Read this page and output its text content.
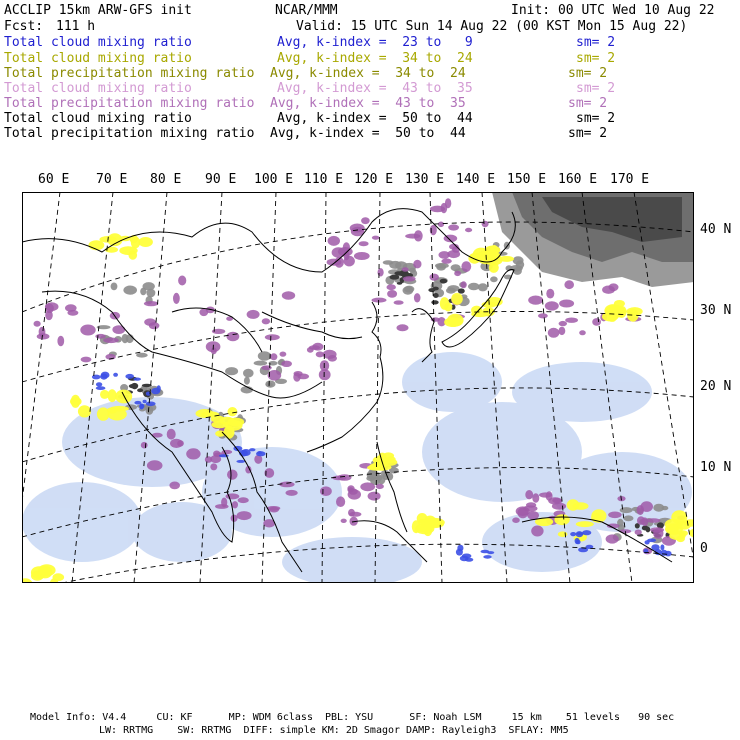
ACCLIP 15km ARW-GFS init	NCAR/MMM	Init: 00 UTC Wed 10 Aug 22
Fcst: 111 h	Valid: 15 UTC Sun 14 Aug 22 (00 KST Mon 15 Aug 22)
Total cloud mixing ratio	Avg, k-index =  23 to   9	sm= 2
Total cloud mixing ratio	Avg, k-index =  34 to  24	sm= 2
Total precipitation mixing ratio Avg, k-index =  34 to  24	sm= 2
Total cloud mixing ratio	Avg, k-index =  43 to  35	sm= 2
Total precipitation mixing ratio Avg, k-index =  43 to  35	sm= 2
Total cloud mixing ratio	Avg, k-index =  50 to  44	sm= 2
Total precipitation mixing ratio Avg, k-index =  50 to  44	sm= 2
60 E 70 E 80 E 90 E 100 E 110 E 120 E 130 E 140 E 150 E 160 E 170 E
40 N
30 N
20 N
10 N
0
Model Info: V4.4     CU: KF      MP: WDM 6class  PBL: YSU      SF: Noah LSM     15 km    51 levels   90 sec
LW: RRTMG    SW: RRTMG  DIFF: simple KM: 2D Smagor DAMP: Rayleigh3  SFLAY: MM5
